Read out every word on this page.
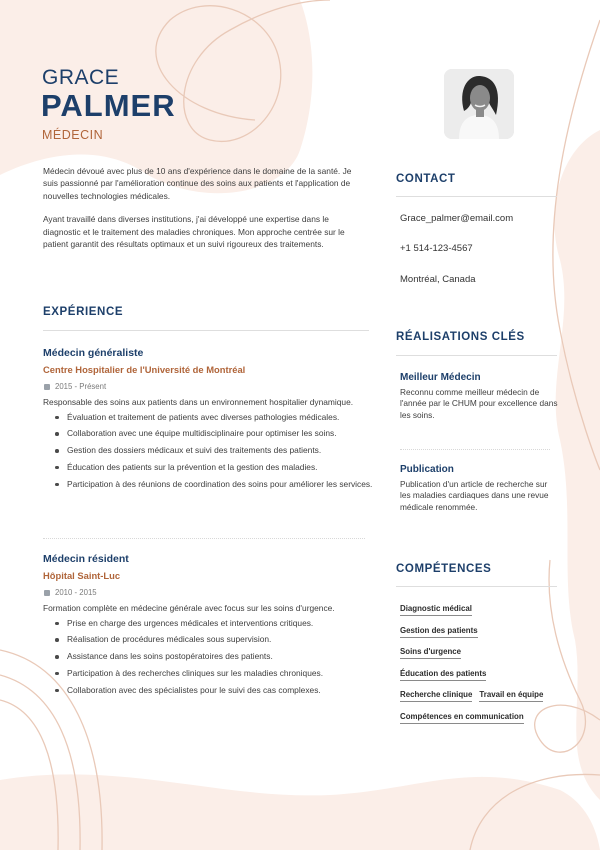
GRACE
PALMER
MÉDECIN

Médecin dévoué avec plus de 10 ans d'expérience dans le domaine de la santé. Je suis passionné par l'amélioration continue des soins aux patients et l'application de nouvelles technologies médicales.

Ayant travaillé dans diverses institutions, j'ai développé une expertise dans le diagnostic et le traitement des maladies chroniques. Mon approche centrée sur le patient garantit des résultats optimaux et un suivi rigoureux des traitements.

EXPÉRIENCE
Médecin généraliste
Centre Hospitalier de l'Université de Montréal
2015 - Présent
Responsable des soins aux patients dans un environnement hospitalier dynamique.
Évaluation et traitement de patients avec diverses pathologies médicales.
Collaboration avec une équipe multidisciplinaire pour optimiser les soins.
Gestion des dossiers médicaux et suivi des traitements des patients.
Éducation des patients sur la prévention et la gestion des maladies.
Participation à des réunions de coordination des soins pour améliorer les services.
Médecin résident
Hôpital Saint-Luc
2010 - 2015
Formation complète en médecine générale avec focus sur les soins d'urgence.
Prise en charge des urgences médicales et interventions critiques.
Réalisation de procédures médicales sous supervision.
Assistance dans les soins postopératoires des patients.
Participation à des recherches cliniques sur les maladies chroniques.
Collaboration avec des spécialistes pour le suivi des cas complexes.
CONTACT
Grace_palmer@email.com
+1 514-123-4567
Montréal, Canada
RÉALISATIONS CLÉS
Meilleur Médecin
Reconnu comme meilleur médecin de l'année par le CHUM pour excellence dans les soins.
Publication
Publication d'un article de recherche sur les maladies cardiaques dans une revue médicale renommée.
COMPÉTENCES
Diagnostic médical
Gestion des patients
Soins d'urgence
Éducation des patients
Recherche clinique Travail en équipe
Compétences en communication
